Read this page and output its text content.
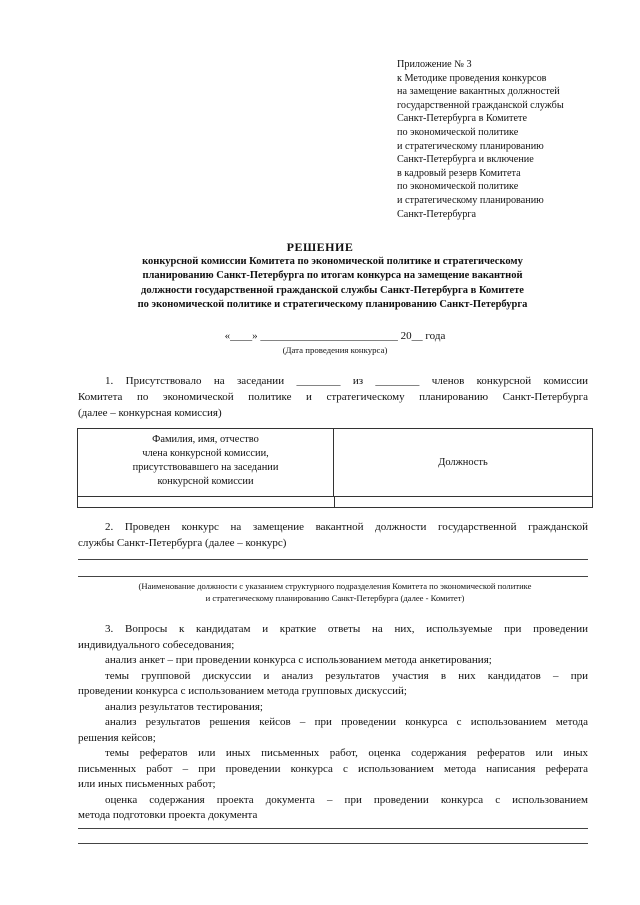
Приложение № 3
к Методике проведения конкурсов
на замещение вакантных должностей
государственной гражданской службы
Санкт-Петербурга в Комитете
по экономической политике
и стратегическому планированию
Санкт-Петербурга и включение
в кадровый резерв Комитета
по экономической политике
и стратегическому планированию
Санкт-Петербурга
РЕШЕНИЕ
конкурсной комиссии Комитета по экономической политике и стратегическому
планированию Санкт-Петербурга по итогам конкурса на замещение вакантной
должности государственной гражданской службы Санкт-Петербурга в Комитете
по экономической политике и стратегическому планированию Санкт-Петербурга
«____» _________________________ 20__ года
(Дата проведения конкурса)
1. Присутствовало на заседании ________ из ________ членов конкурсной комиссии
Комитета по экономической политике и стратегическому планированию Санкт-Петербурга
(далее – конкурсная комиссия)
Фамилия, имя, отчество
члена конкурсной комиссии,
присутствовавшего на заседании
конкурсной комиссии
Должность
2. Проведен конкурс на замещение вакантной должности государственной гражданской
службы Санкт-Петербурга (далее – конкурс)
(Наименование должности с указанием структурного подразделения Комитета по экономической политике
и стратегическому планированию Санкт-Петербурга (далее - Комитет)
3. Вопросы к кандидатам и краткие ответы на них, используемые при проведении
индивидуального собеседования;
анализ анкет – при проведении конкурса с использованием метода анкетирования;
темы групповой дискуссии и анализ результатов участия в них кандидатов – при
проведении конкурса с использованием метода групповых дискуссий;
анализ результатов тестирования;
анализ результатов решения кейсов – при проведении конкурса с использованием метода
решения кейсов;
темы рефератов или иных письменных работ, оценка содержания рефератов или иных
письменных работ – при проведении конкурса с использованием метода написания реферата
или иных письменных работ;
оценка содержания проекта документа – при проведении конкурса с использованием
метода подготовки проекта документа
